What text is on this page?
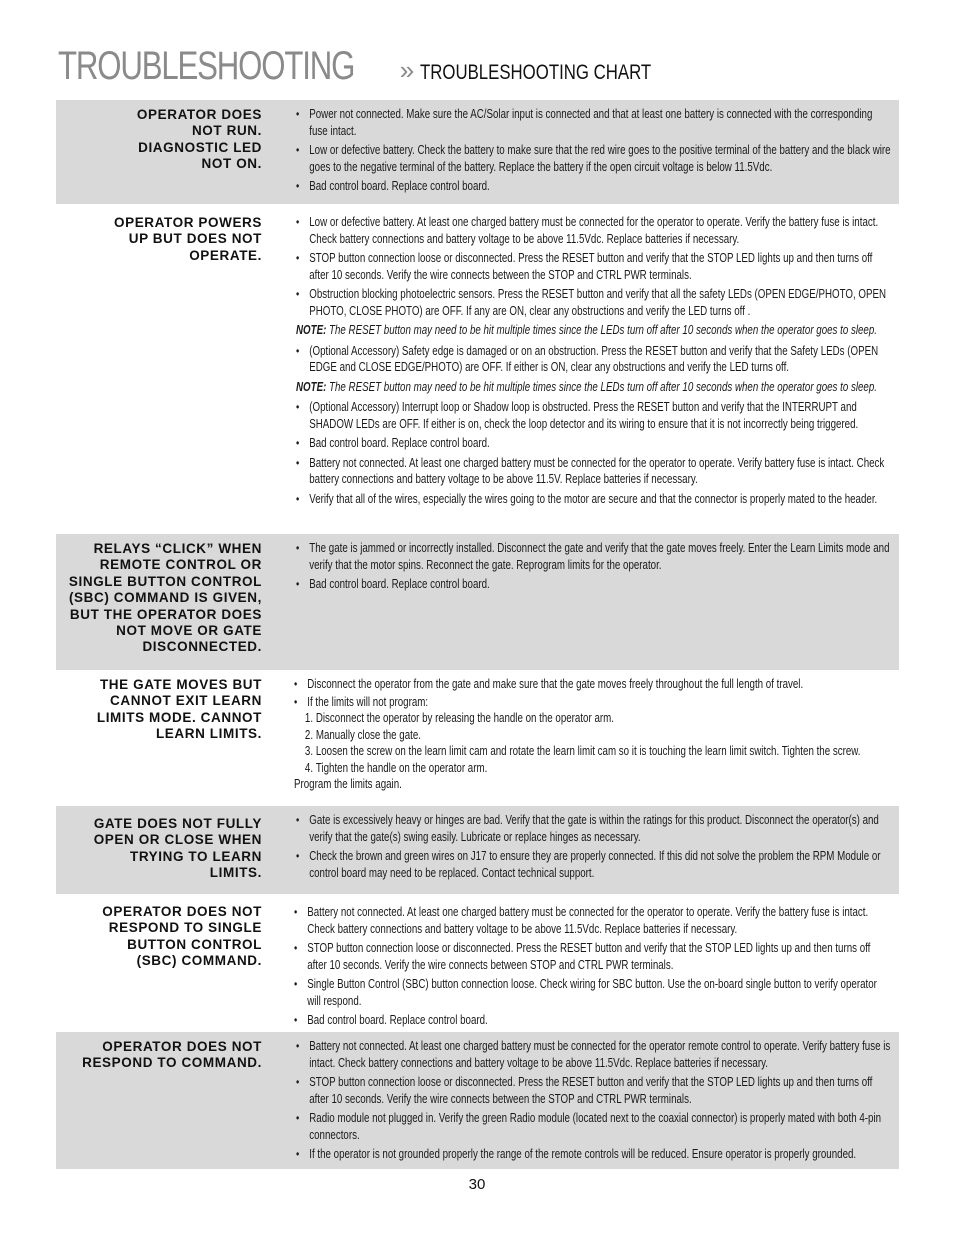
TROUBLESHOOTING » TROUBLESHOOTING CHART
OPERATOR DOES NOT RUN. DIAGNOSTIC LED NOT ON.
• Power not connected. Make sure the AC/Solar input is connected and that at least one battery is connected with the corresponding fuse intact.
• Low or defective battery. Check the battery to make sure that the red wire goes to the positive terminal of the battery and the black wire goes to the negative terminal of the battery. Replace the battery if the open circuit voltage is below 11.5Vdc.
• Bad control board. Replace control board.
OPERATOR POWERS UP BUT DOES NOT OPERATE.
• Low or defective battery. At least one charged battery must be connected for the operator to operate. Verify the battery fuse is intact. Check battery connections and battery voltage to be above 11.5Vdc. Replace batteries if necessary.
• STOP button connection loose or disconnected. Press the RESET button and verify that the STOP LED lights up and then turns off after 10 seconds. Verify the wire connects between the STOP and CTRL PWR terminals.
• Obstruction blocking photoelectric sensors. Press the RESET button and verify that all the safety LEDs (OPEN EDGE/PHOTO, OPEN PHOTO, CLOSE PHOTO) are OFF. If any are ON, clear any obstructions and verify the LED turns off .

NOTE: The RESET button may need to be hit multiple times since the LEDs turn off after 10 seconds when the operator goes to sleep.

• (Optional Accessory) Safety edge is damaged or on an obstruction. Press the RESET button and verify that the Safety LEDs (OPEN EDGE and CLOSE EDGE/PHOTO) are OFF. If either is ON, clear any obstructions and verify the LED turns off.

NOTE: The RESET button may need to be hit multiple times since the LEDs turn off after 10 seconds when the operator goes to sleep.

• (Optional Accessory) Interrupt loop or Shadow loop is obstructed. Press the RESET button and verify that the INTERRUPT and SHADOW LEDs are OFF. If either is on, check the loop detector and its wiring to ensure that it is not incorrectly being triggered.
• Bad control board. Replace control board.
• Battery not connected. At least one charged battery must be connected for the operator to operate. Verify battery fuse is intact. Check battery connections and battery voltage to be above 11.5V. Replace batteries if necessary.
• Verify that all of the wires, especially the wires going to the motor are secure and that the connector is properly mated to the header.
RELAYS “CLICK” WHEN REMOTE CONTROL OR SINGLE BUTTON CONTROL (SBC) COMMAND IS GIVEN, BUT THE OPERATOR DOES NOT MOVE OR GATE DISCONNECTED.
• The gate is jammed or incorrectly installed. Disconnect the gate and verify that the gate moves freely. Enter the Learn Limits mode and verify that the motor spins. Reconnect the gate. Reprogram limits for the operator.
• Bad control board. Replace control board.
THE GATE MOVES BUT CANNOT EXIT LEARN LIMITS MODE. CANNOT LEARN LIMITS.
• Disconnect the operator from the gate and make sure that the gate moves freely throughout the full length of travel.
• If the limits will not program:
1. Disconnect the operator by releasing the handle on the operator arm.
2. Manually close the gate.
3. Loosen the screw on the learn limit cam and rotate the learn limit cam so it is touching the learn limit switch. Tighten the screw.
4. Tighten the handle on the operator arm.

Program the limits again.

GATE DOES NOT FULLY OPEN OR CLOSE WHEN TRYING TO LEARN LIMITS.
• Gate is excessively heavy or hinges are bad. Verify that the gate is within the ratings for this product. Disconnect the operator(s) and verify that the gate(s) swing easily. Lubricate or replace hinges as necessary.
• Check the brown and green wires on J17 to ensure they are properly connected. If this did not solve the problem the RPM Module or control board may need to be replaced. Contact technical support.
OPERATOR DOES NOT RESPOND TO SINGLE BUTTON CONTROL (SBC) COMMAND.
• Battery not connected. At least one charged battery must be connected for the operator to operate. Verify the battery fuse is intact. Check battery connections and battery voltage to be above 11.5Vdc. Replace batteries if necessary.
• STOP button connection loose or disconnected. Press the RESET button and verify that the STOP LED lights up and then turns off after 10 seconds. Verify the wire connects between STOP and CTRL PWR terminals.
• Single Button Control (SBC) button connection loose. Check wiring for SBC button. Use the on-board single button to verify operator will respond.
• Bad control board. Replace control board.
OPERATOR DOES NOT RESPOND TO COMMAND.
• Battery not connected. At least one charged battery must be connected for the operator remote control to operate. Verify battery fuse is intact. Check battery connections and battery voltage to be above 11.5Vdc. Replace batteries if necessary.
• STOP button connection loose or disconnected. Press the RESET button and verify that the STOP LED lights up and then turns off after 10 seconds. Verify the wire connects between the STOP and CTRL PWR terminals.
• Radio module not plugged in. Verify the green Radio module (located next to the coaxial connector) is properly mated with both 4-pin connectors.
• If the operator is not grounded properly the range of the remote controls will be reduced. Ensure operator is properly grounded.
30
